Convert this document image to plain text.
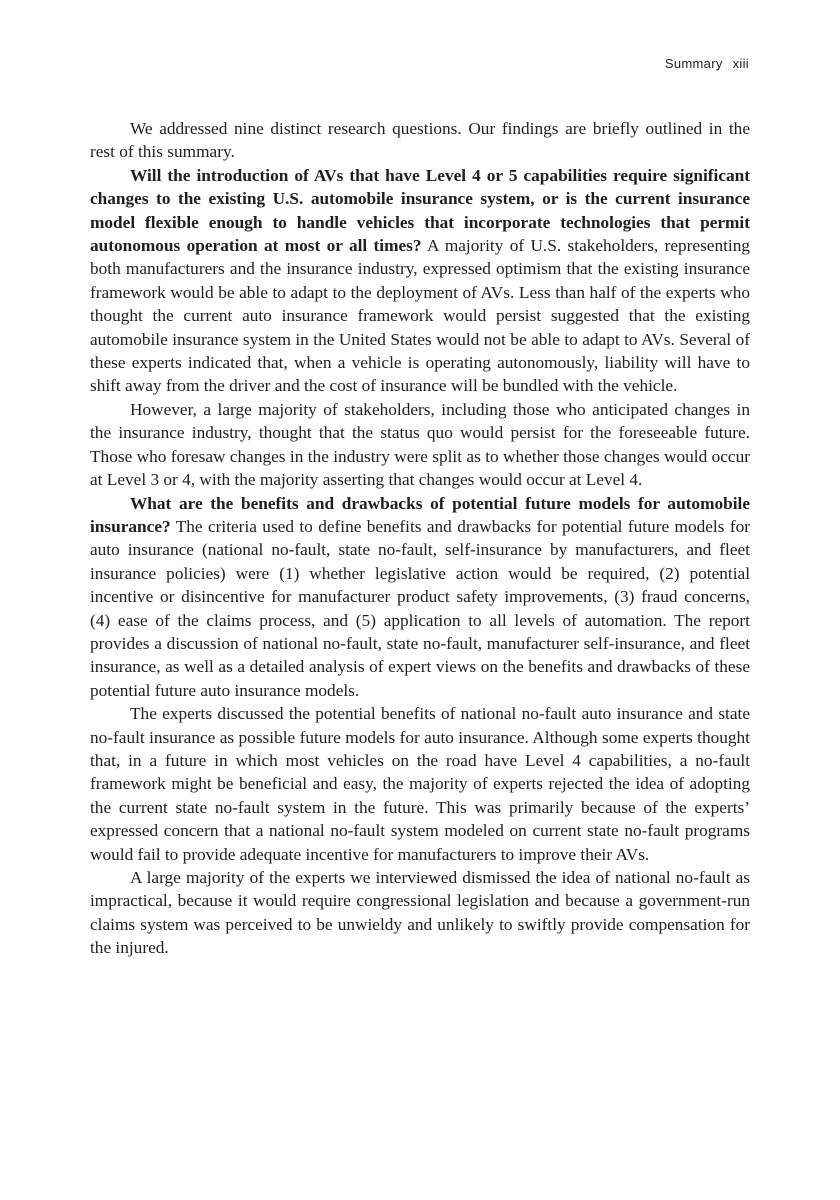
Summary xiii

We addressed nine distinct research questions. Our findings are briefly outlined in the rest of this summary.

Will the introduction of AVs that have Level 4 or 5 capabilities require significant changes to the existing U.S. automobile insurance system, or is the current insurance model flexible enough to handle vehicles that incorporate technologies that permit autonomous operation at most or all times? A majority of U.S. stakeholders, representing both manufacturers and the insurance industry, expressed optimism that the existing insurance framework would be able to adapt to the deployment of AVs. Less than half of the experts who thought the current auto insurance framework would persist suggested that the existing automobile insurance system in the United States would not be able to adapt to AVs. Several of these experts indicated that, when a vehicle is operating autonomously, liability will have to shift away from the driver and the cost of insurance will be bundled with the vehicle.

However, a large majority of stakeholders, including those who anticipated changes in the insurance industry, thought that the status quo would persist for the foreseeable future. Those who foresaw changes in the industry were split as to whether those changes would occur at Level 3 or 4, with the majority asserting that changes would occur at Level 4.

What are the benefits and drawbacks of potential future models for automobile insurance? The criteria used to define benefits and drawbacks for potential future models for auto insurance (national no-fault, state no-fault, self-insurance by manufacturers, and fleet insurance policies) were (1) whether legislative action would be required, (2) potential incentive or disincentive for manufacturer product safety improvements, (3) fraud concerns, (4) ease of the claims process, and (5) application to all levels of automation. The report provides a discussion of national no-fault, state no-fault, manufacturer self-insurance, and fleet insurance, as well as a detailed analysis of expert views on the benefits and drawbacks of these potential future auto insurance models.

The experts discussed the potential benefits of national no-fault auto insurance and state no-fault insurance as possible future models for auto insurance. Although some experts thought that, in a future in which most vehicles on the road have Level 4 capabilities, a no-fault framework might be beneficial and easy, the majority of experts rejected the idea of adopting the current state no-fault system in the future. This was primarily because of the experts’ expressed concern that a national no-fault system modeled on current state no-fault programs would fail to provide adequate incentive for manufacturers to improve their AVs.

A large majority of the experts we interviewed dismissed the idea of national no-fault as impractical, because it would require congressional legislation and because a government-run claims system was perceived to be unwieldy and unlikely to swiftly provide compensation for the injured.
